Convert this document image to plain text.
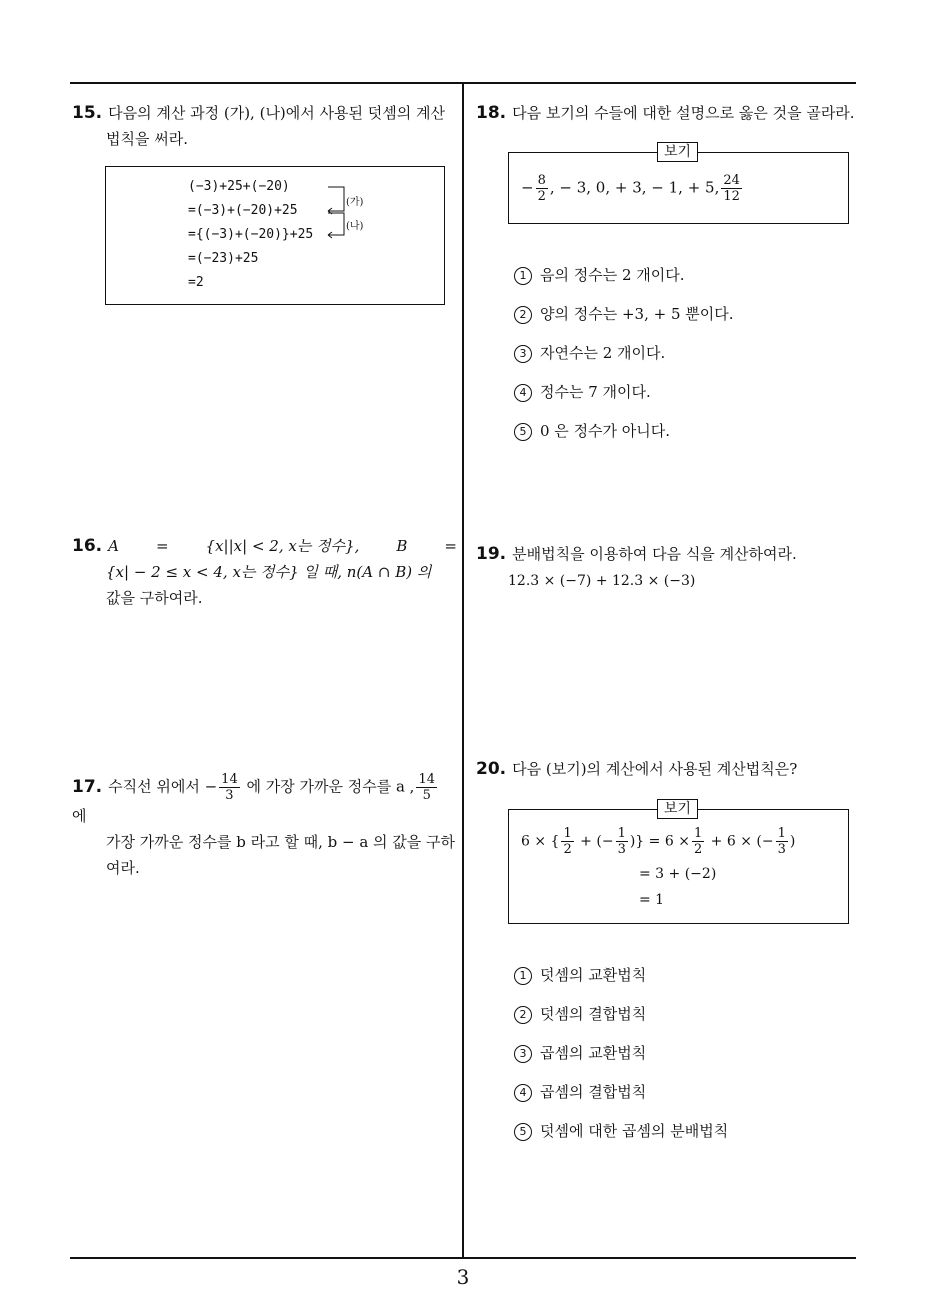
3
15. 다음의 계산 과정 (가), (나)에서 사용된 덧셈의 계산
법칙을 써라.
(−3)+25+(−20)
=(−3)+(−20)+25
={(−3)+(−20)}+25
=(−23)+25
=2
(가)
(나)
16. A = {x||x| < 2, x는 정수}, B =
{x| − 2 ≤ x < 4, x는 정수} 일 때, n(A ∩ B) 의
값을 구하여라.
17. 수직선 위에서 − $\frac{14}{3}$ 에 가장 가까운 정수를 a , $\frac{14}{5}$
에
가장 가까운 정수를 b 라고 할 때, b − a 의 값을 구하
여라.
18. 다음 보기의 수들에 대한 설명으로 옳은 것을 골라라.
보기
− $\frac{8}{2}$ , − 3, 0, + 3, − 1, + 5, $\frac{24}{12}$
1 음의 정수는 2 개이다.
2 양의 정수는 +3, + 5 뿐이다.
3 자연수는 2 개이다.
4 정수는 7 개이다.
5 0 은 정수가 아니다.
19. 분배법칙을 이용하여 다음 식을 계산하여라.
12.3 × (−7) + 12.3 × (−3)
20. 다음 (보기)의 계산에서 사용된 계산법칙은?
보기
6 × { $\frac{1}{2}$ + (− $\frac{1}{3}$ )} = $6 \times \frac{1}{2} + 6$ × (− $\frac{1}{3}$ )
= 3 + (−2)
= 1
1 덧셈의 교환법칙
2 덧셈의 결합법칙
3 곱셈의 교환법칙
4 곱셈의 결합법칙
5 덧셈에 대한 곱셈의 분배법칙
